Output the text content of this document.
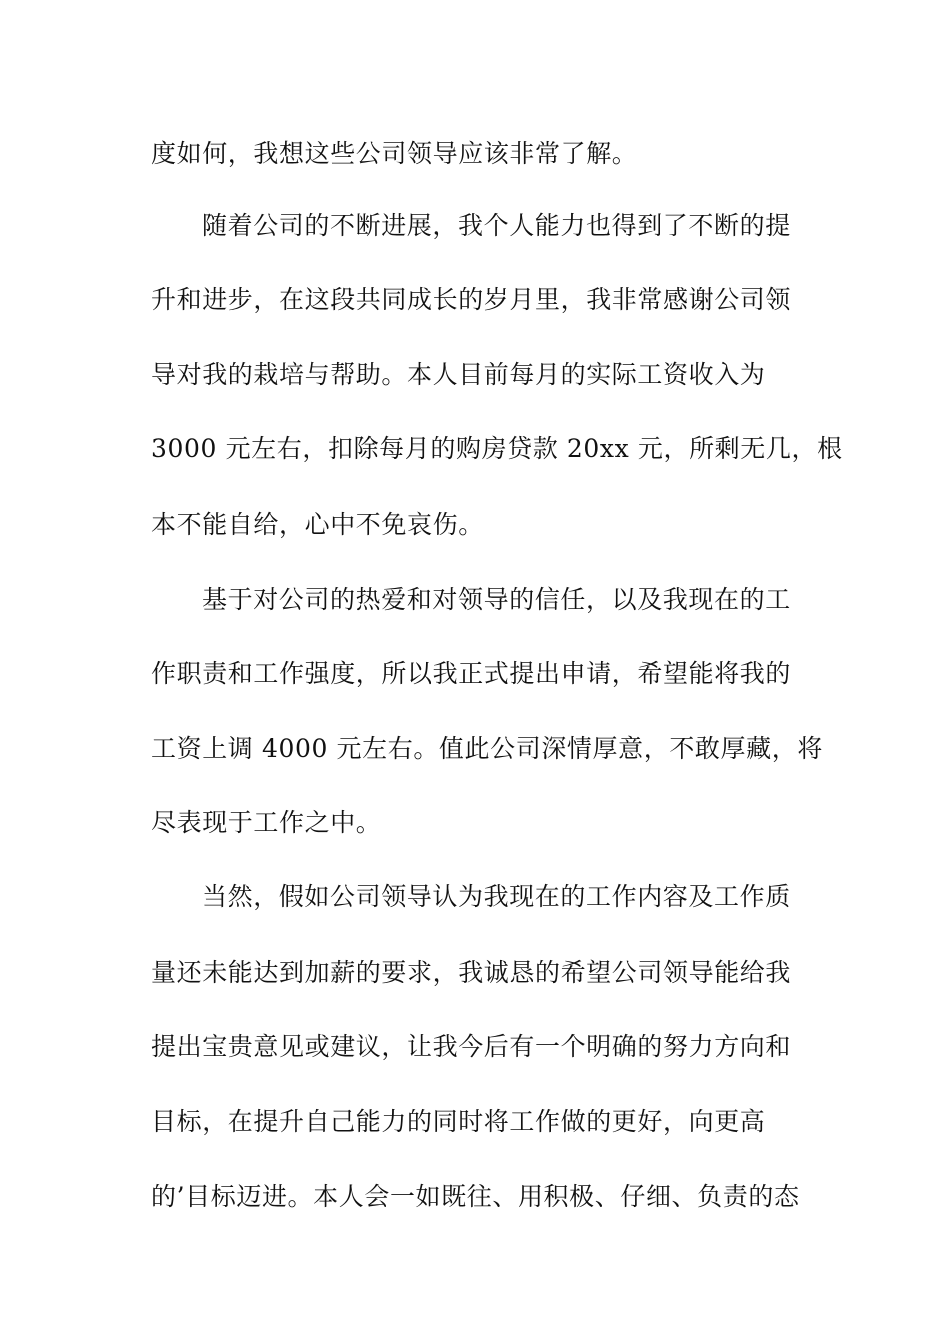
度如何，我想这些公司领导应该非常了解。
随着公司的不断进展，我个人能力也得到了不断的提
升和进步，在这段共同成长的岁月里，我非常感谢公司领
导对我的栽培与帮助。本人目前每月的实际工资收入为
3000 元左右，扣除每月的购房贷款 20xx 元，所剩无几，根
本不能自给，心中不免哀伤。
基于对公司的热爱和对领导的信任，以及我现在的工
作职责和工作强度，所以我正式提出申请，希望能将我的
工资上调 4000 元左右。值此公司深情厚意，不敢厚藏，将
尽表现于工作之中。
当然，假如公司领导认为我现在的工作内容及工作质
量还未能达到加薪的要求，我诚恳的希望公司领导能给我
提出宝贵意见或建议，让我今后有一个明确的努力方向和
目标，在提升自己能力的同时将工作做的更好，向更高
的’目标迈进。本人会一如既往、用积极、仔细、负责的态
